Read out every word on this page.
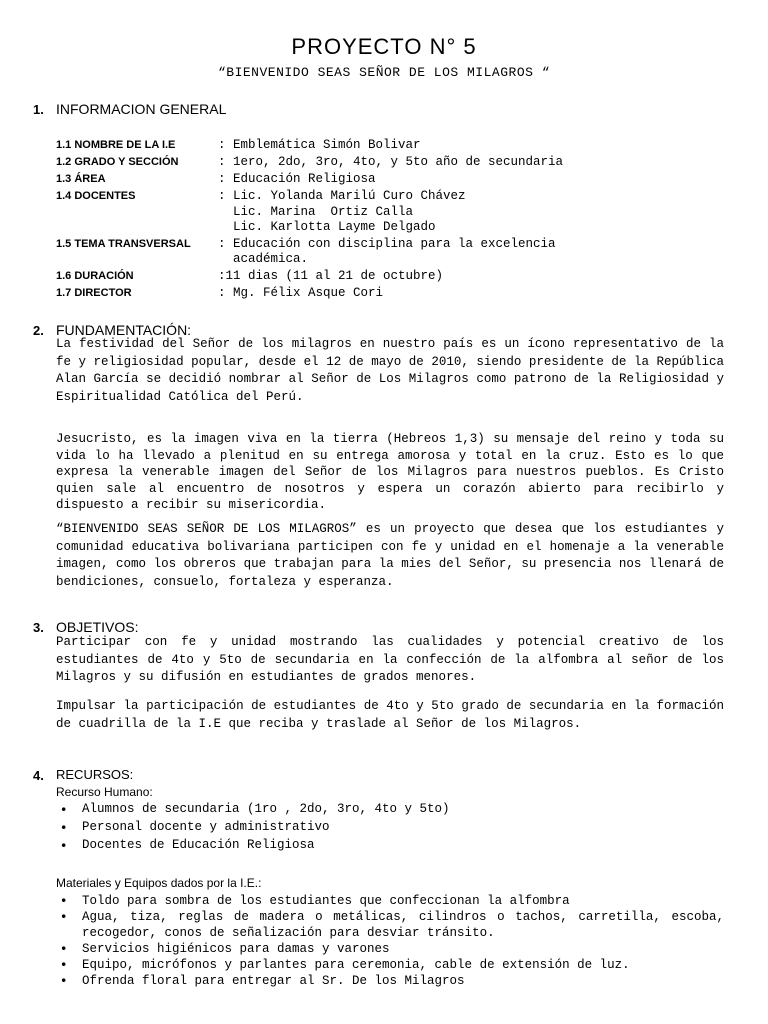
PROYECTO N° 5
“BIENVENIDO SEAS SEÑOR DE LOS MILAGROS “
1. INFORMACION GENERAL
1.1 NOMBRE DE LA I.E	: Emblemática Simón Bolivar
1.2 GRADO Y SECCIÓN	: 1ero, 2do, 3ro, 4to, y 5to año de secundaria
1.3 ÁREA	: Educación Religiosa
1.4 DOCENTES	: Lic. Yolanda Marilú Curo Chávez
Lic. Marina  Ortiz Calla
Lic. Karlotta Layme Delgado
1.5 TEMA TRANSVERSAL : Educación con disciplina para la excelencia
académica.
1.6 DURACIÓN	:11 dias (11 al 21 de octubre)
1.7 DIRECTOR	: Mg. Félix Asque Cori
2. FUNDAMENTACIÓN:

La festividad del Señor de los milagros en nuestro país es un ícono representativo de la fe y religiosidad popular, desde el 12 de mayo de 2010, siendo presidente de la República Alan García se decidió nombrar al Señor de Los Milagros como patrono de la Religiosidad y Espiritualidad Católica del Perú.

Jesucristo, es la imagen viva en la tierra (Hebreos 1,3) su mensaje del reino y toda su vida lo ha llevado a plenitud en su entrega amorosa y total en la cruz. Esto es lo que expresa la venerable imagen del Señor de los Milagros para nuestros pueblos. Es Cristo quien sale al encuentro de nosotros y espera un corazón abierto para recibirlo y dispuesto a recibir su misericordia.

“BIENVENIDO SEAS SEÑOR DE LOS MILAGROS” es un proyecto que desea que los estudiantes y comunidad educativa bolivariana participen con fe y unidad en el homenaje a la venerable imagen, como los obreros que trabajan para la mies del Señor, su presencia nos llenará de bendiciones, consuelo, fortaleza y esperanza.

3. OBJETIVOS:

Participar con fe y unidad mostrando las cualidades y potencial creativo de los estudiantes de 4to y 5to de secundaria en la confección de la alfombra al señor de los Milagros y su difusión en estudiantes de grados menores.

Impulsar la participación de estudiantes de 4to y 5to grado de secundaria en la formación de cuadrilla de la I.E que reciba y traslade al Señor de los Milagros.

4. RECURSOS:
Recurso Humano:
• Alumnos de secundaria (1ro , 2do, 3ro, 4to y 5to)
• Personal docente y administrativo
• Docentes de Educación Religiosa
Materiales y Equipos dados por la I.E.:
• Toldo para sombra de los estudiantes que confeccionan la alfombra
• Agua, tiza, reglas de madera o metálicas, cilindros o tachos, carretilla, escoba, recogedor, conos de señalización para desviar tránsito.
• Servicios higiénicos para damas y varones
• Equipo, micrófonos y parlantes para ceremonia, cable de extensión de luz.
• Ofrenda floral para entregar al Sr. De los Milagros
